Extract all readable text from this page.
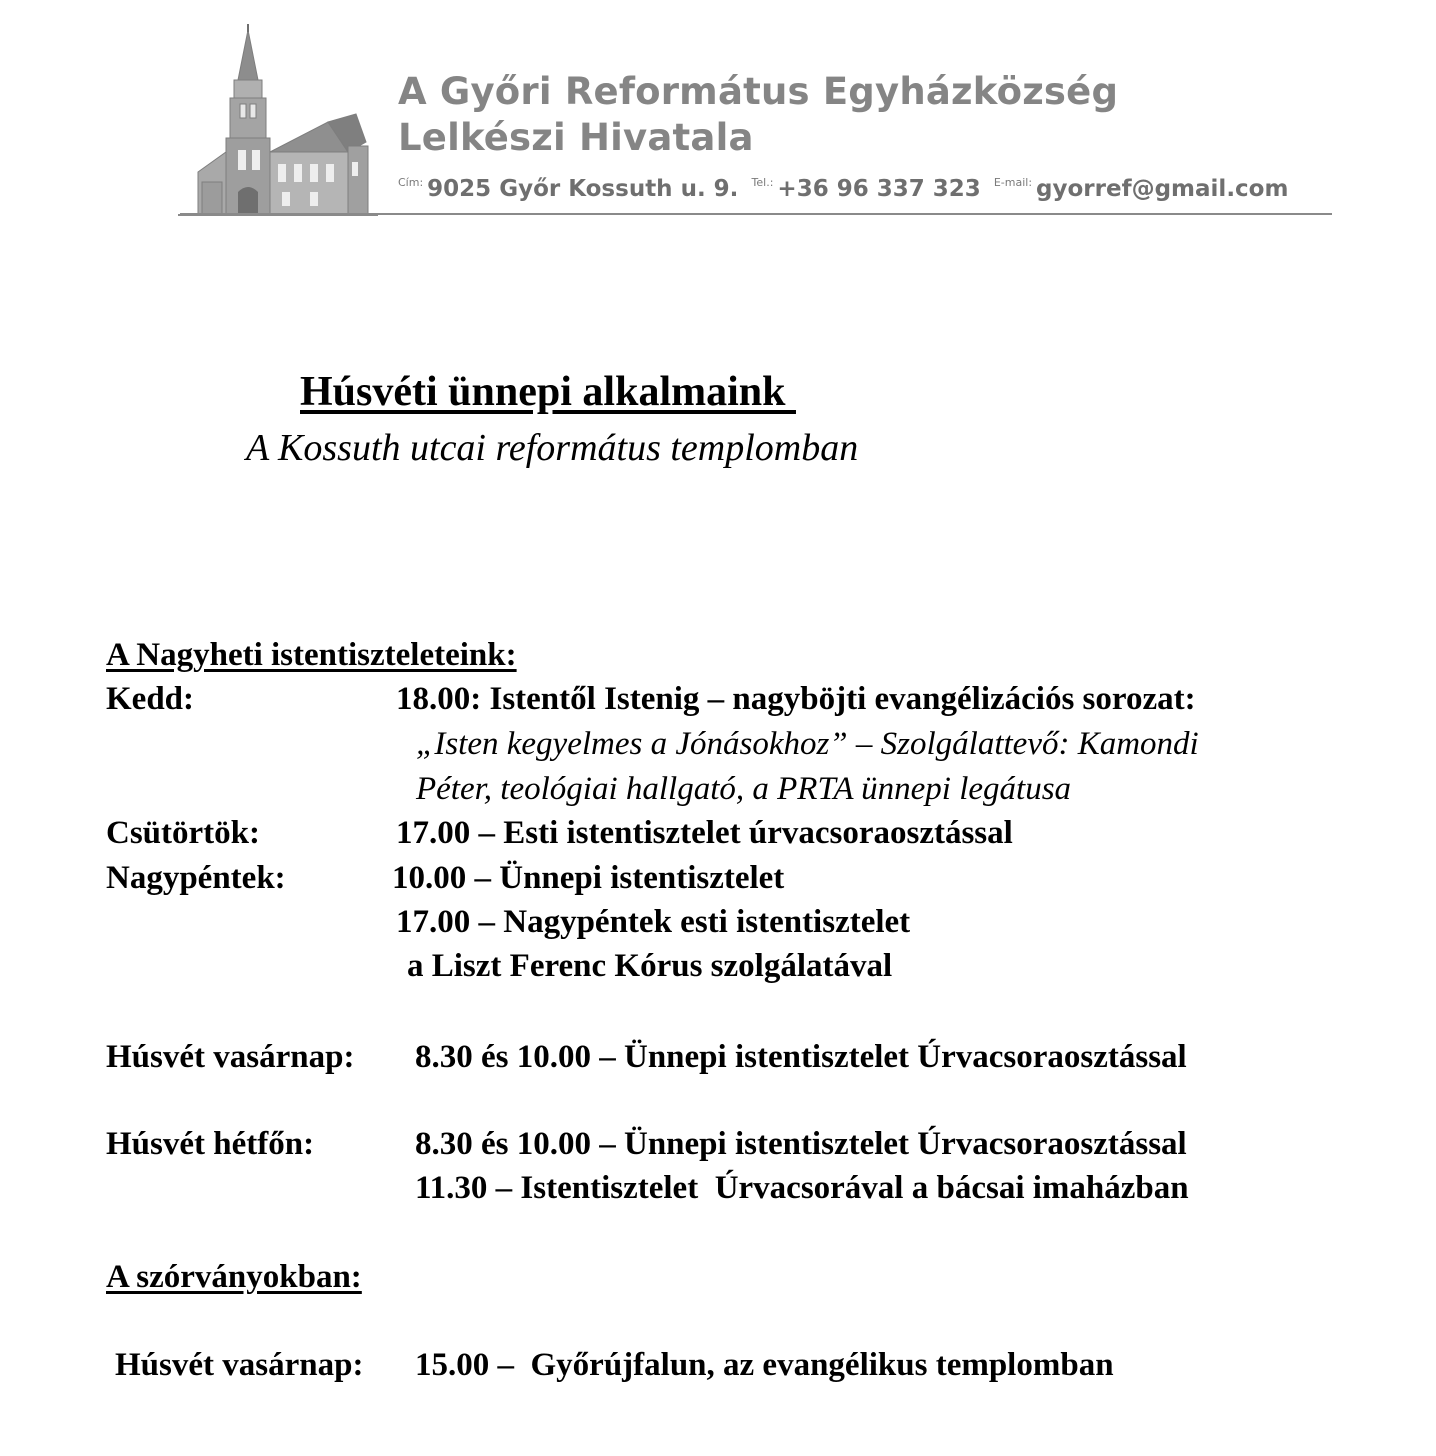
A Győri Református Egyházközség
Lelkészi Hivatala
$^{Cím:}$ 9025 Győr Kossuth u. 9. $^{Tel.:}$ +36 96 337 323 $^{E-mail:}$ gyorref@gmail.com
Húsvéti ünnepi alkalmaink
A Kossuth utcai református templomban
A Nagyheti istentiszteleteink:
Kedd:	18.00: Istentől Istenig – nagyböjti evangélizációs sorozat:
„Isten kegyelmes a Jónásokhoz” – Szolgálattevő: Kamondi
Péter, teológiai hallgató, a PRTA ünnepi legátusa
Csütörtök:	17.00 – Esti istentisztelet úrvacsoraosztással
Nagypéntek:	10.00 – Ünnepi istentisztelet
17.00 – Nagypéntek esti istentisztelet
a Liszt Ferenc Kórus szolgálatával
Húsvét vasárnap: 8.30 és 10.00 – Ünnepi istentisztelet Úrvacsoraosztással
Húsvét hétfőn:	8.30 és 10.00 – Ünnepi istentisztelet Úrvacsoraosztással
11.30 – Istentisztelet  Úrvacsorával a bácsai imaházban
A szórványokban:
Húsvét vasárnap: 15.00 –  Győrújfalun, az evangélikus templomban
